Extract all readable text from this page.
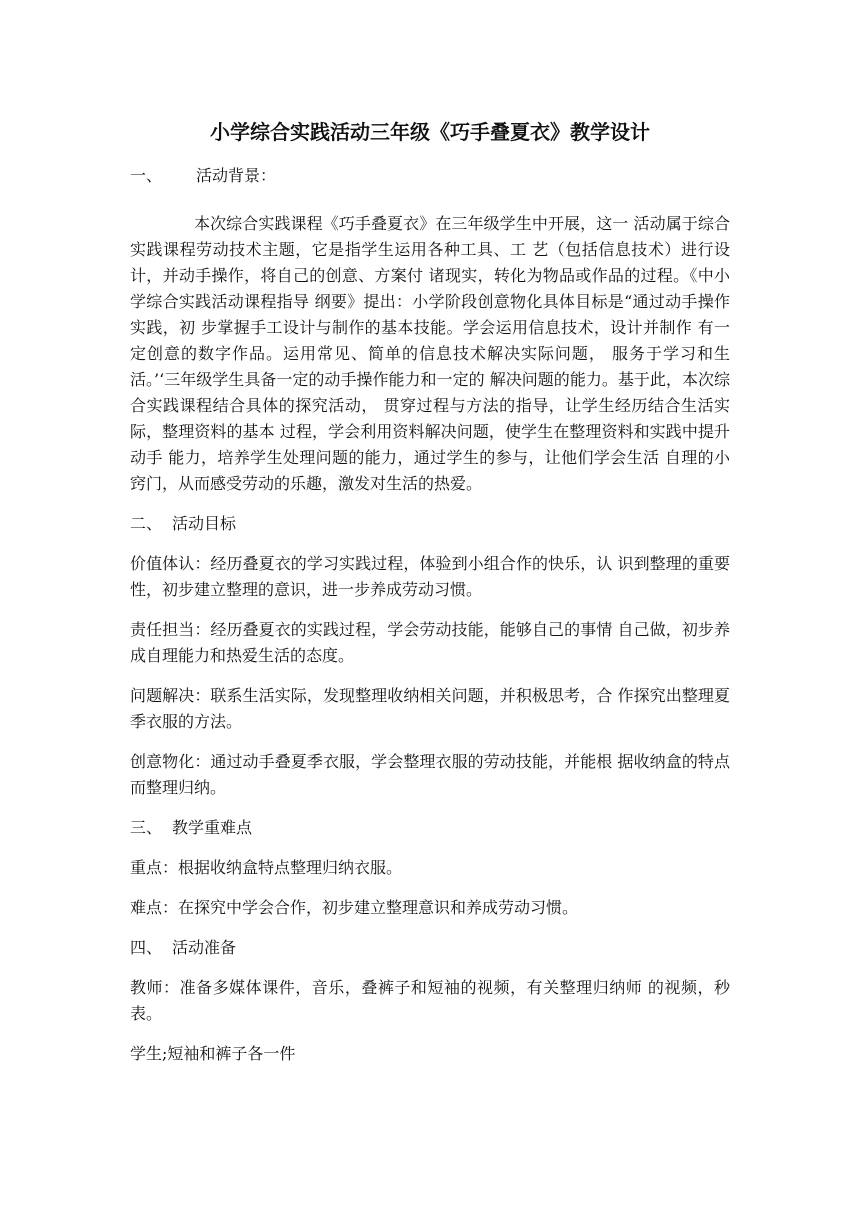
小学综合实践活动三年级《巧手叠夏衣》教学设计
一、 活动背景：

本次综合实践课程《巧手叠夏衣》在三年级学生中开展，这一 活动属于综合实践课程劳动技术主题，它是指学生运用各种工具、工 艺（包括信息技术）进行设计，并动手操作，将自己的创意、方案付 诸现实，转化为物品或作品的过程。《中小学综合实践活动课程指导 纲要》提出：小学阶段创意物化具体目标是“通过动手操作实践，初 步掌握手工设计与制作的基本技能。学会运用信息技术，设计并制作 有一定创意的数字作品。运用常见、简单的信息技术解决实际问题， 服务于学习和生活。’‘三年级学生具备一定的动手操作能力和一定的 解决问题的能力。基于此，本次综合实践课程结合具体的探究活动， 贯穿过程与方法的指导，让学生经历结合生活实际，整理资料的基本 过程，学会利用资料解决问题，使学生在整理资料和实践中提升动手 能力，培养学生处理问题的能力，通过学生的参与，让他们学会生活 自理的小窍门，从而感受劳动的乐趣，激发对生活的热爱。

二、 活动目标

价值体认：经历叠夏衣的学习实践过程，体验到小组合作的快乐，认 识到整理的重要性，初步建立整理的意识，进一步养成劳动习惯。

责任担当：经历叠夏衣的实践过程，学会劳动技能，能够自己的事情 自己做，初步养成自理能力和热爱生活的态度。

问题解决：联系生活实际，发现整理收纳相关问题，并积极思考，合 作探究出整理夏季衣服的方法。

创意物化：通过动手叠夏季衣服，学会整理衣服的劳动技能，并能根 据收纳盒的特点而整理归纳。

三、 教学重难点

重点：根据收纳盒特点整理归纳衣服。

难点：在探究中学会合作，初步建立整理意识和养成劳动习惯。

四、 活动准备

教师：准备多媒体课件，音乐，叠裤子和短袖的视频，有关整理归纳师 的视频，秒表。

学生;短袖和裤子各一件
